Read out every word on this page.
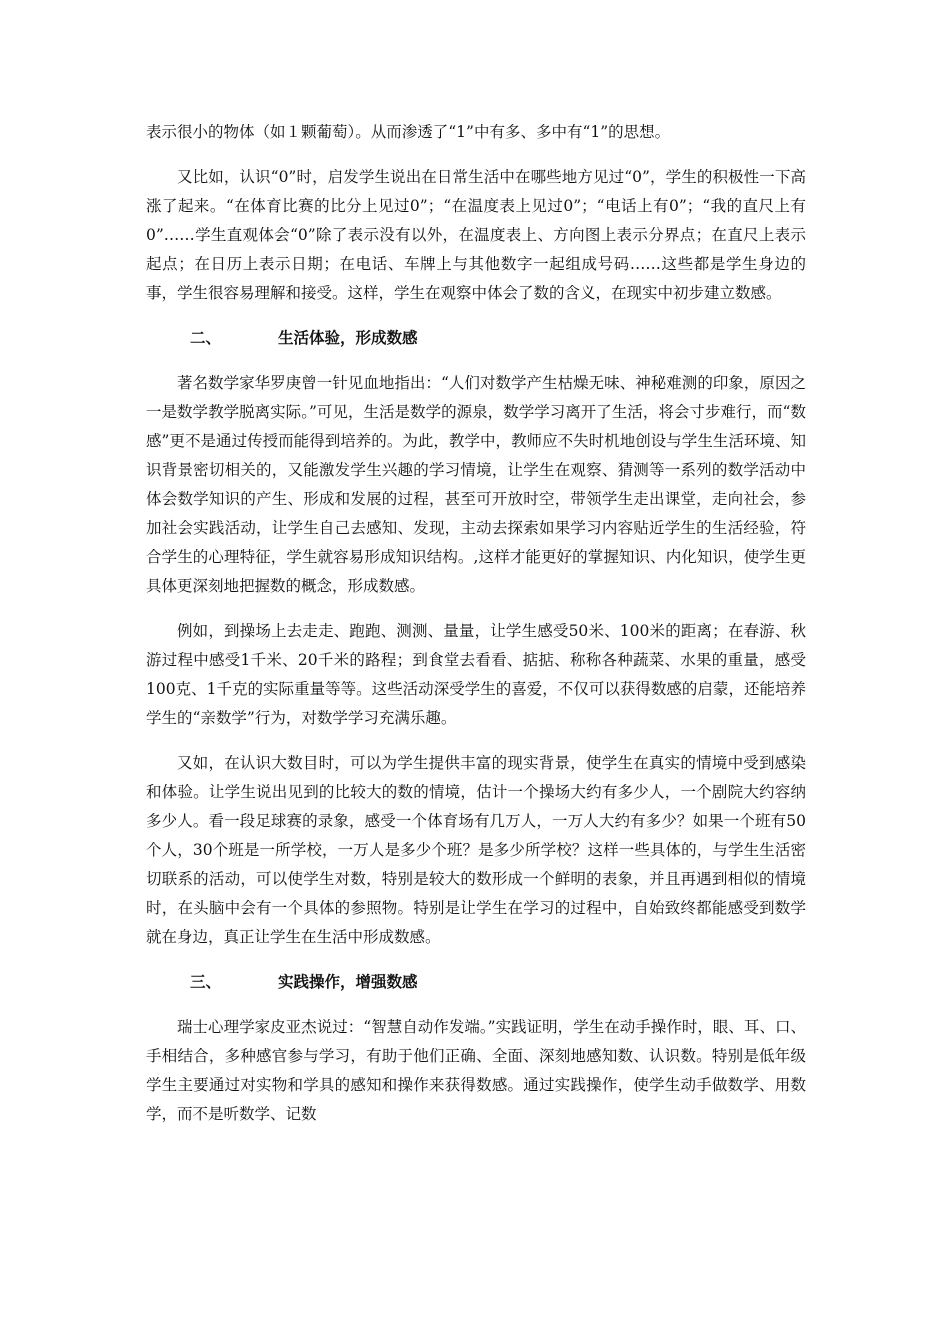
表示很小的物体（如１颗葡萄）。从而渗透了“1”中有多、多中有“1”的思想。

又比如，认识“0”时，启发学生说出在日常生活中在哪些地方见过“0”，学生的积极性一下高涨了起来。“在体育比赛的比分上见过0”；“在温度表上见过0”；“电话上有0”；“我的直尺上有0”……学生直观体会“0”除了表示没有以外，在温度表上、方向图上表示分界点；在直尺上表示起点；在日历上表示日期；在电话、车牌上与其他数字一起组成号码……这些都是学生身边的事，学生很容易理解和接受。这样，学生在观察中体会了数的含义，在现实中初步建立数感。

二、	生活体验，形成数感

著名数学家华罗庚曾一针见血地指出：“人们对数学产生枯燥无味、神秘难测的印象，原因之一是数学教学脱离实际。”可见，生活是数学的源泉，数学学习离开了生活，将会寸步难行，而“数感”更不是通过传授而能得到培养的。为此，教学中，教师应不失时机地创设与学生生活环境、知识背景密切相关的，又能激发学生兴趣的学习情境，让学生在观察、猜测等一系列的数学活动中体会数学知识的产生、形成和发展的过程，甚至可开放时空，带领学生走出课堂，走向社会，参加社会实践活动，让学生自己去感知、发现，主动去探索如果学习内容贴近学生的生活经验，符合学生的心理特征，学生就容易形成知识结构。,这样才能更好的掌握知识、内化知识，使学生更具体更深刻地把握数的概念，形成数感。

例如，到操场上去走走、跑跑、测测、量量，让学生感受50米、100米的距离；在春游、秋游过程中感受1千米、20千米的路程；到食堂去看看、掂掂、称称各种蔬菜、水果的重量，感受100克、1千克的实际重量等等。这些活动深受学生的喜爱，不仅可以获得数感的启蒙，还能培养学生的“亲数学”行为，对数学学习充满乐趣。

又如，在认识大数目时，可以为学生提供丰富的现实背景，使学生在真实的情境中受到感染和体验。让学生说出见到的比较大的数的情境，估计一个操场大约有多少人，一个剧院大约容纳多少人。看一段足球赛的录象，感受一个体育场有几万人，一万人大约有多少？如果一个班有50个人，30个班是一所学校，一万人是多少个班？是多少所学校？这样一些具体的，与学生生活密切联系的活动，可以使学生对数，特别是较大的数形成一个鲜明的表象，并且再遇到相似的情境时，在头脑中会有一个具体的参照物。特别是让学生在学习的过程中，自始致终都能感受到数学就在身边，真正让学生在生活中形成数感。

三、	实践操作，增强数感

瑞士心理学家皮亚杰说过：“智慧自动作发端。”实践证明，学生在动手操作时，眼、耳、口、手相结合，多种感官参与学习，有助于他们正确、全面、深刻地感知数、认识数。特别是低年级学生主要通过对实物和学具的感知和操作来获得数感。通过实践操作，使学生动手做数学、用数学，而不是听数学、记数
